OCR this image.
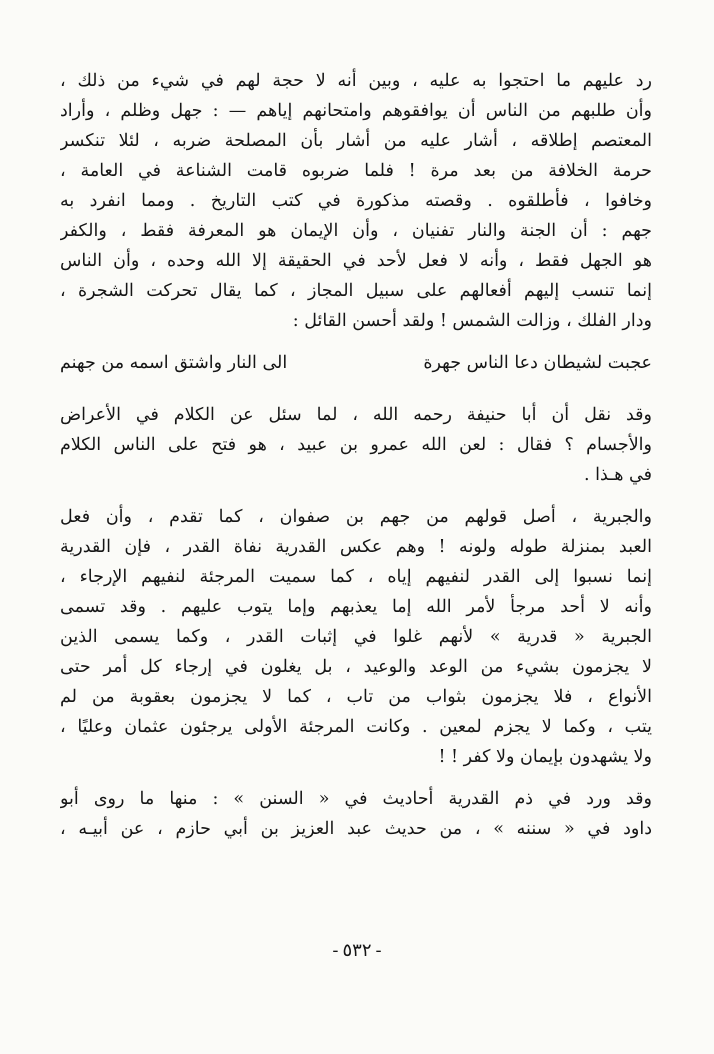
رد عليهم ما احتجوا به عليه ، وبين أنه لا حجة لهم في شيء من ذلك ،
وأن طلبهم من الناس أن يوافقوهم وامتحانهم إياهم — : جهل وظلم ، وأراد
المعتصم إطلاقه ، أشار عليه من أشار بأن المصلحة ضربه ، لئلا تنكسر
حرمة الخلافة من بعد مرة ! فلما ضربوه قامت الشناعة في العامة ،
وخافوا ، فأطلقوه . وقصته مذكورة في كتب التاريخ . ومما انفرد به
جهم : أن الجنة والنار تفنيان ، وأن الإيمان هو المعرفة فقط ، والكفر
هو الجهل فقط ، وأنه لا فعل لأحد في الحقيقة إلا الله وحده ، وأن الناس
إنما تنسب إليهم أفعالهم على سبيل المجاز ، كما يقال تحركت الشجرة ،
ودار الفلك ، وزالت الشمس ! ولقد أحسن القائل :
عجبت لشيطان دعا الناس جهرة
الى النار واشتق اسمه من جهنم
وقد نقل أن أبا حنيفة رحمه الله ، لما سئل عن الكلام في الأعراض
والأجسام ؟ فقال : لعن الله عمرو بن عبيد ، هو فتح على الناس الكلام
في هـذا .
والجبرية ، أصل قولهم من جهم بن صفوان ، كما تقدم ، وأن فعل
العبد بمنزلة طوله ولونه ! وهم عكس القدرية نفاة القدر ، فإن القدرية
إنما نسبوا إلى القدر لنفيهم إياه ، كما سميت المرجئة لنفيهم الإرجاء ،
وأنه لا أحد مرجأ لأمر الله إما يعذبهم وإما يتوب عليهم . وقد تسمى
الجبرية « قدرية » لأنهم غلوا في إثبات القدر ، وكما يسمى الذين
لا يجزمون بشيء من الوعد والوعيد ، بل يغلون في إرجاء كل أمر حتى
الأنواع ، فلا يجزمون بثواب من تاب ، كما لا يجزمون بعقوبة من لم
يتب ، وكما لا يجزم لمعين . وكانت المرجئة الأولى يرجئون عثمان وعليًا ،
ولا يشهدون بإيمان ولا كفر ! !
وقد ورد في ذم القدرية أحاديث في « السنن » : منها ما روى أبو
داود في « سننه » ، من حديث عبد العزيز بن أبي حازم ، عن أبيـه ،
-٥٣٢-
